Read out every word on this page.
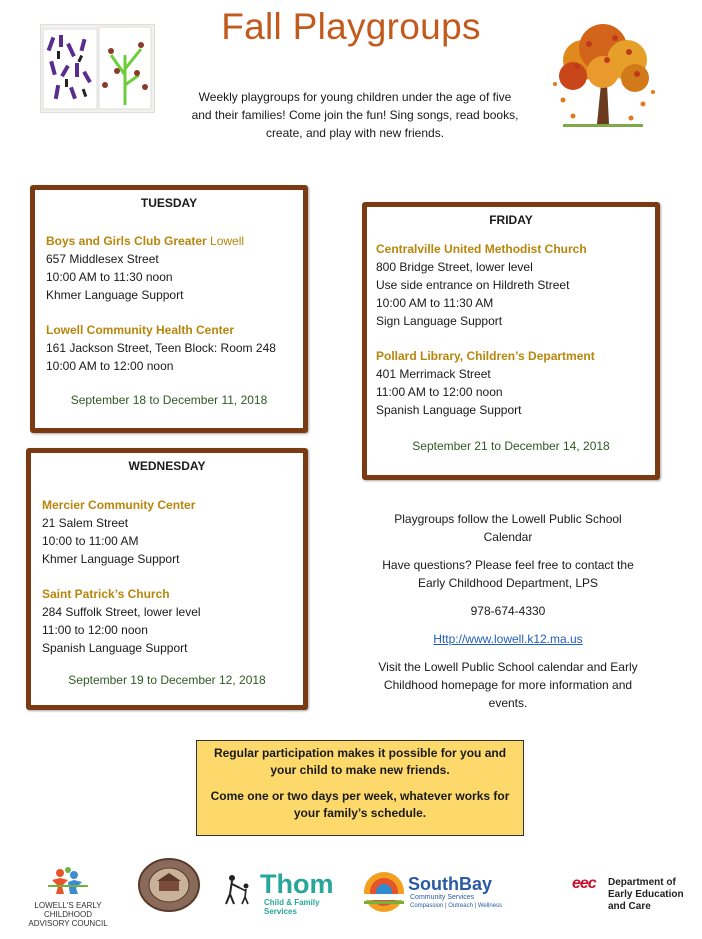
Fall Playgroups
Weekly playgroups for young children under the age of five
and their families! Come join the fun! Sing songs, read books,
create, and play with new friends.
TUESDAY
Boys and Girls Club Greater Lowell
657 Middlesex Street
10:00 AM to 11:30 noon
Khmer Language Support
Lowell Community Health Center
161 Jackson Street, Teen Block: Room 248
10:00 AM to 12:00 noon
September 18 to December 11, 2018
WEDNESDAY
Mercier Community Center
21 Salem Street
10:00 to 11:00 AM
Khmer Language Support
Saint Patrick’s Church
284 Suffolk Street, lower level
11:00 to 12:00 noon
Spanish Language Support
September 19 to December 12, 2018
FRIDAY
Centralville United Methodist Church
800 Bridge Street, lower level
Use side entrance on Hildreth Street
10:00 AM to 11:30 AM
Sign Language Support
Pollard Library, Children’s Department
401 Merrimack Street
11:00 AM to 12:00 noon
Spanish Language Support
September 21 to December 14, 2018
Playgroups follow the Lowell Public School
Calendar
Have questions? Please feel free to contact the
Early Childhood Department, LPS
978-674-4330
Http://www.lowell.k12.ma.us
Visit the Lowell Public School calendar and Early
Childhood homepage for more information and
events.
Regular participation makes it possible for you and
your child to make new friends.
Come one or two days per week, whatever works for
your family’s schedule.
LOWELL'S EARLY CHILDHOOD
ADVISORY COUNCIL
Thom
Child & Family Services
SouthBay
Community Services
Compassion | Outreach | Wellness
eec	Department of
Early Education and Care
